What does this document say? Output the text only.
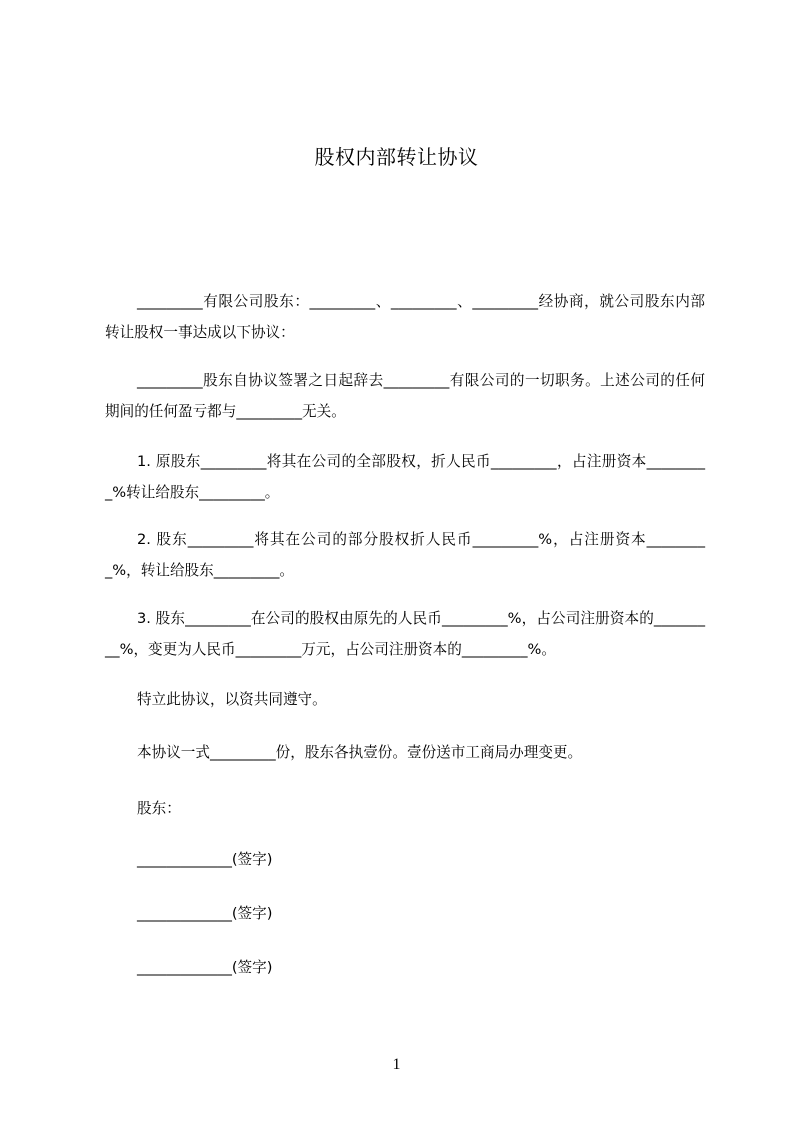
股权内部转让协议

_________有限公司股东：_________、_________、_________经协商，就公司股东内部转让股权一事达成以下协议：

_________股东自协议签署之日起辞去_________有限公司的一切职务。上述公司的任何期间的任何盈亏都与_________无关。

1. 原股东_________将其在公司的全部股权，折人民币_________，占注册资本_________%转让给股东_________。

2. 股东_________将其在公司的部分股权折人民币_________%，占注册资本_________%，转让给股东_________。

3. 股东_________在公司的股权由原先的人民币_________%，占公司注册资本的_________%，变更为人民币_________万元，占公司注册资本的_________%。

特立此协议，以资共同遵守。

本协议一式_________份，股东各执壹份。壹份送市工商局办理变更。

股东：

_____________(签字)
_____________(签字)
_____________(签字)
1
